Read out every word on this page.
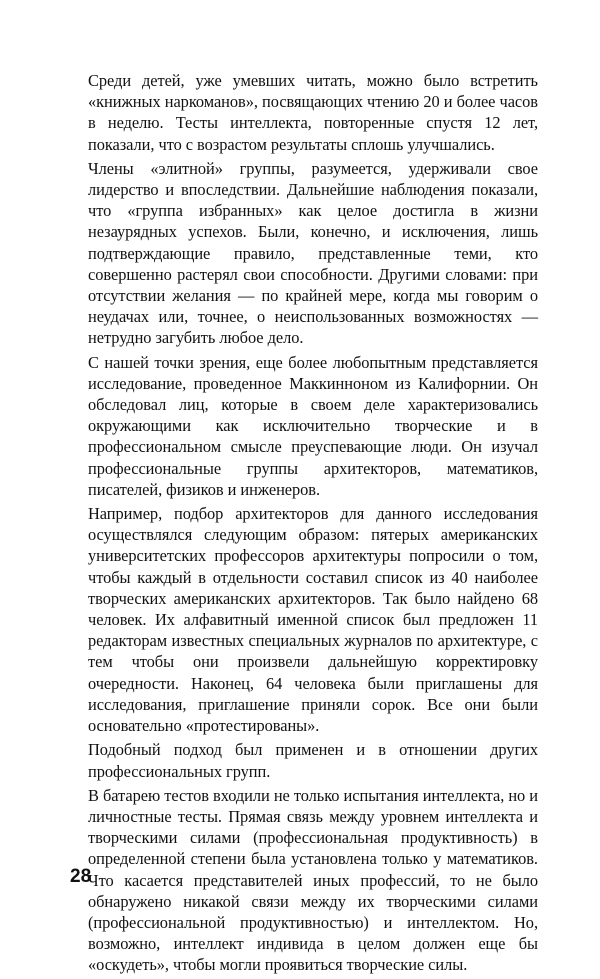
Среди детей, уже умевших читать, можно было встретить «книжных наркоманов», посвящающих чтению 20 и более часов в неделю. Тесты интеллекта, повторенные спустя 12 лет, показали, что с возрастом результаты сплошь улучшались.

Члены «элитной» группы, разумеется, удерживали свое лидерство и впоследствии. Дальнейшие наблюдения показали, что «группа избранных» как целое достигла в жизни незаурядных успехов. Были, конечно, и исключения, лишь подтверждающие правило, представленные теми, кто совершенно растерял свои способности. Другими словами: при отсутствии желания — по крайней мере, когда мы говорим о неудачах или, точнее, о неиспользованных возможностях — нетрудно загубить любое дело.

С нашей точки зрения, еще более любопытным представляется исследование, проведенное Маккинноном из Калифорнии. Он обследовал лиц, которые в своем деле характеризовались окружающими как исключительно творческие и в профессиональном смысле преуспевающие люди. Он изучал профессиональные группы архитекторов, математиков, писателей, физиков и инженеров.

Например, подбор архитекторов для данного исследования осуществлялся следующим образом: пятерых американских университетских профессоров архитектуры попросили о том, чтобы каждый в отдельности составил список из 40 наиболее творческих американских архитекторов. Так было найдено 68 человек. Их алфавитный именной список был предложен 11 редакторам известных специальных журналов по архитектуре, с тем чтобы они произвели дальнейшую корректировку очередности. Наконец, 64 человека были приглашены для исследования, приглашение приняли сорок. Все они были основательно «протестированы».

Подобный подход был применен и в отношении других профессиональных групп.

В батарею тестов входили не только испытания интеллекта, но и личностные тесты. Прямая связь между уровнем интеллекта и творческими силами (профессиональная продуктивность) в определенной степени была установлена только у математиков. Что касается представителей иных профессий, то не было обнаружено никакой связи между их творческими силами (профессиональной продуктивностью) и интеллектом. Но, возможно, интеллект индивида в целом должен еще бы «оскудеть», чтобы могли проявиться творческие силы.

28
